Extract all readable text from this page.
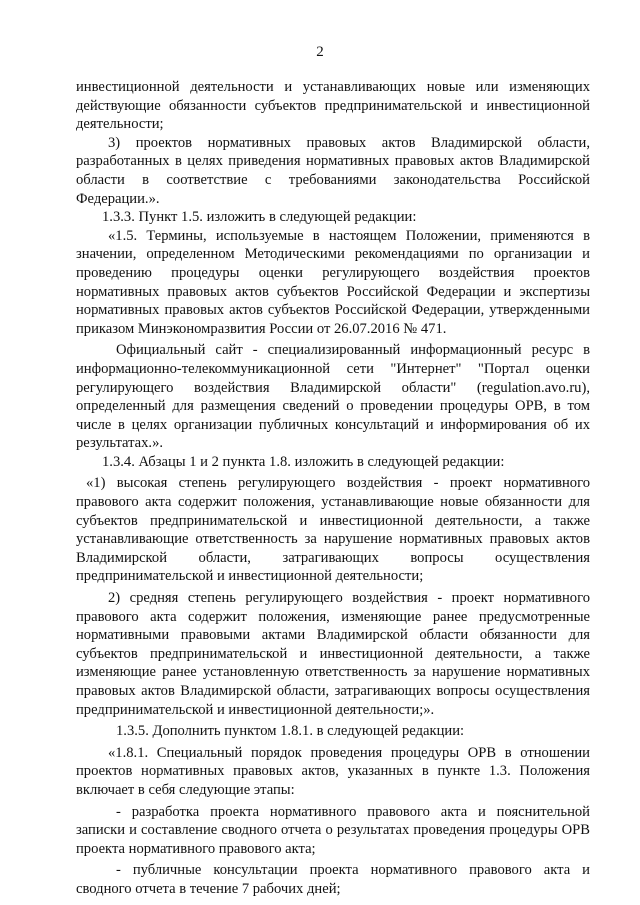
2

инвестиционной деятельности и устанавливающих новые или изменяющих действующие обязанности субъектов предпринимательской и инвестиционной деятельности;

3) проектов нормативных правовых актов Владимирской области, разработанных в целях приведения нормативных правовых актов Владимирской области в соответствие с требованиями законодательства Российской Федерации.».

1.3.3. Пункт 1.5. изложить в следующей редакции:

«1.5. Термины, используемые в настоящем Положении, применяются в значении, определенном Методическими рекомендациями по организации и проведению процедуры оценки регулирующего воздействия проектов нормативных правовых актов субъектов Российской Федерации и экспертизы нормативных правовых актов субъектов Российской Федерации, утвержденными приказом Минэкономразвития России от 26.07.2016 № 471.

Официальный сайт - специализированный информационный ресурс в информационно-телекоммуникационной сети "Интернет" "Портал оценки регулирующего воздействия Владимирской области" (regulation.avo.ru), определенный для размещения сведений о проведении процедуры ОРВ, в том числе в целях организации публичных консультаций и информирования об их результатах.».

1.3.4. Абзацы 1 и 2 пункта 1.8. изложить в следующей редакции:

«1) высокая степень регулирующего воздействия - проект нормативного правового акта содержит положения, устанавливающие новые обязанности для субъектов предпринимательской и инвестиционной деятельности, а также устанавливающие ответственность за нарушение нормативных правовых актов Владимирской области, затрагивающих вопросы осуществления предпринимательской и инвестиционной деятельности;

2) средняя степень регулирующего воздействия - проект нормативного правового акта содержит положения, изменяющие ранее предусмотренные нормативными правовыми актами Владимирской области обязанности для субъектов предпринимательской и инвестиционной деятельности, а также изменяющие ранее установленную ответственность за нарушение нормативных правовых актов Владимирской области, затрагивающих вопросы осуществления предпринимательской и инвестиционной деятельности;».

1.3.5. Дополнить пунктом 1.8.1. в следующей редакции:

«1.8.1. Специальный порядок проведения процедуры ОРВ в отношении проектов нормативных правовых актов, указанных в пункте 1.3. Положения включает в себя следующие этапы:

- разработка проекта нормативного правового акта и пояснительной записки и составление сводного отчета о результатах проведения процедуры ОРВ проекта нормативного правового акта;

- публичные консультации проекта нормативного правового акта и сводного отчета в течение 7 рабочих дней;
